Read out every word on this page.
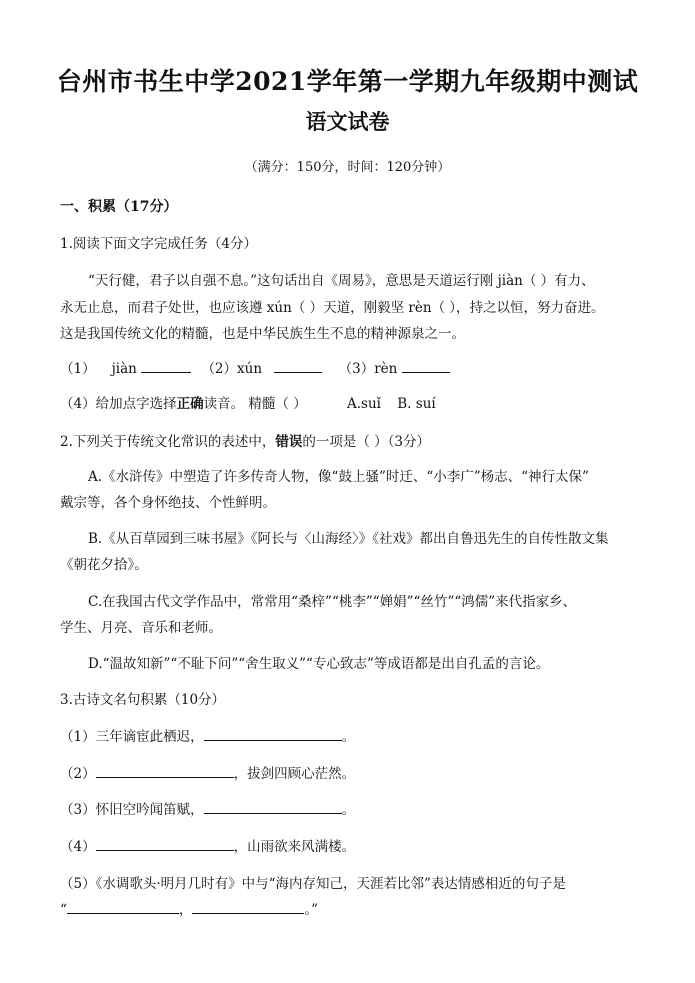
台州市书生中学2021学年第一学期九年级期中测试
语文试卷
（满分：150分，时间：120分钟）
一、积累（17分）
1.阅读下面文字完成任务（4分）
“天行健，君子以自强不息。”这句话出自《周易》，意思是天道运行刚 jiàn（ ）有力、
永无止息，而君子处世，也应该遵 xún（ ）天道，刚毅坚 rèn（ ），持之以恒，努力奋进。
这是我国传统文化的精髓，也是中华民族生生不息的精神源泉之一。
（1） jiàn	（2）xún	（3）rèn
（4）给加点字选择正确读音。 精髓（ ）	A.suǐ B. suí
2.下列关于传统文化常识的表述中，错误的一项是（ ）（3分）
A.《水浒传》中塑造了许多传奇人物，像“鼓上骚”时迁、“小李广”杨志、“神行太保”
戴宗等，各个身怀绝技、个性鲜明。
B.《从百草园到三味书屋》《阿长与〈山海经〉》《社戏》都出自鲁迅先生的自传性散文集
《朝花夕拾》。
C.在我国古代文学作品中，常常用“桑梓”“桃李”“婵娟”“丝竹”“鸿儒”来代指家乡、
学生、月亮、音乐和老师。
D.“温故知新”“不耻下问”“舍生取义”“专心致志”等成语都是出自孔孟的言论。
3.古诗文名句积累（10分）
（1）三年谪宦此栖迟，	。
（2）	，拔剑四顾心茫然。
（3）怀旧空吟闻笛赋，	。
（4）	，山雨欲来风满楼。
（5）《水调歌头·明月几时有》中与“海内存知己，天涯若比邻”表达情感相近的句子是
“	，	。”
